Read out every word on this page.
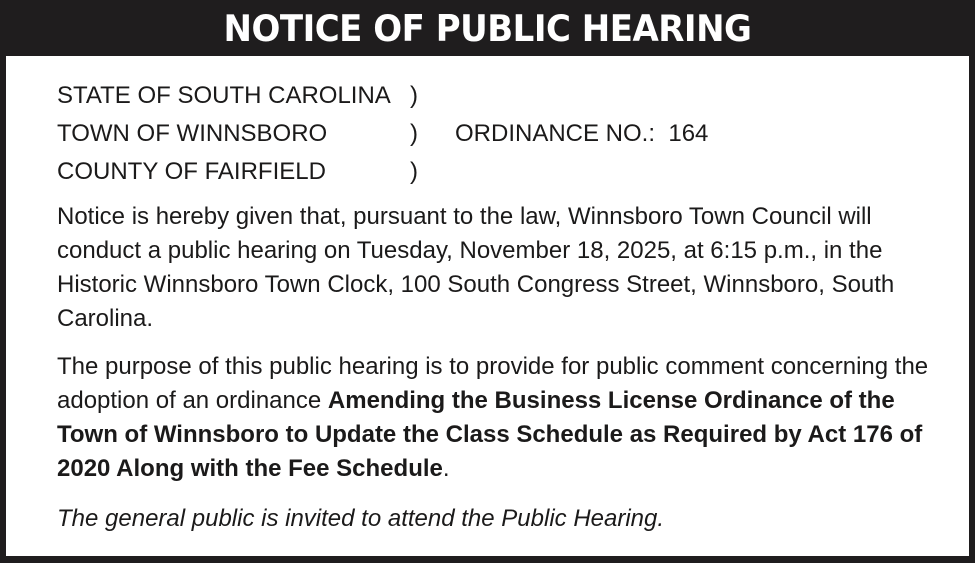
NOTICE OF PUBLIC HEARING
STATE OF SOUTH CAROLINA )
TOWN OF WINNSBORO	) ORDINANCE NO.: 164
COUNTY OF FAIRFIELD	)

Notice is hereby given that, pursuant to the law, Winnsboro Town Council will conduct a public hearing on Tuesday, November 18, 2025, at 6:15 p.m., in the Historic Winnsboro Town Clock, 100 South Congress Street, Winnsboro, South Carolina.

The purpose of this public hearing is to provide for public comment concerning the adoption of an ordinance Amending the Business License Ordinance of the Town of Winnsboro to Update the Class Schedule as Required by Act 176 of 2020 Along with the Fee Schedule.

The general public is invited to attend the Public Hearing.
